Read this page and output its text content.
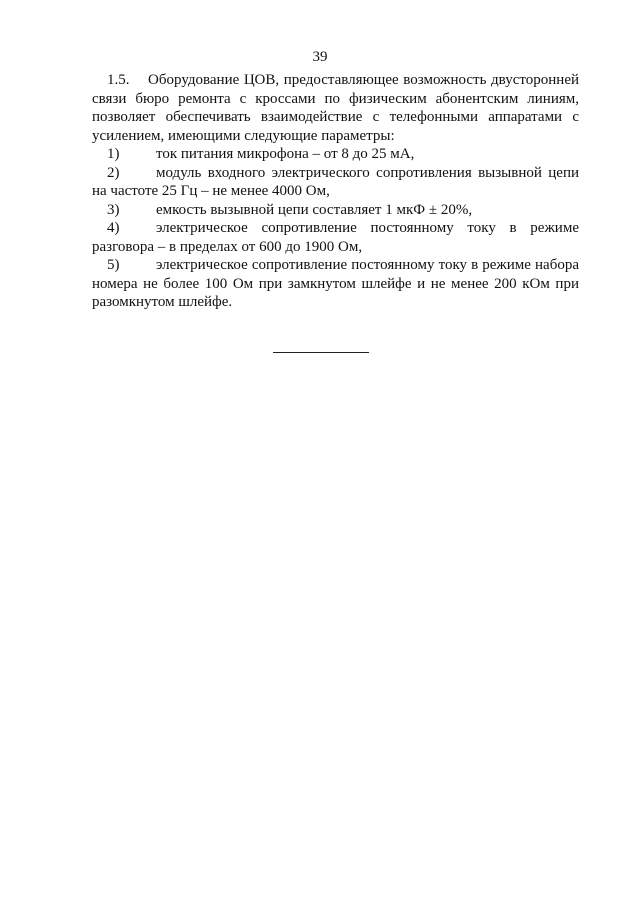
39

1.5. Оборудование ЦОВ, предоставляющее возможность двусторонней связи бюро ремонта с кроссами по физическим абонентским линиям, позволяет обеспечивать взаимодействие с телефонными аппаратами с усилением, имеющими следующие параметры:

1) ток питания микрофона – от 8 до 25 мА,

2) модуль входного электрического сопротивления вызывной цепи на частоте 25 Гц – не менее 4000 Ом,

3) емкость вызывной цепи составляет 1 мкФ ± 20%,

4) электрическое сопротивление постоянному току в режиме разговора – в пределах от 600 до 1900 Ом,

5) электрическое сопротивление постоянному току в режиме набора номера не более 100 Ом при замкнутом шлейфе и не менее 200 кОм при разомкнутом шлейфе.
